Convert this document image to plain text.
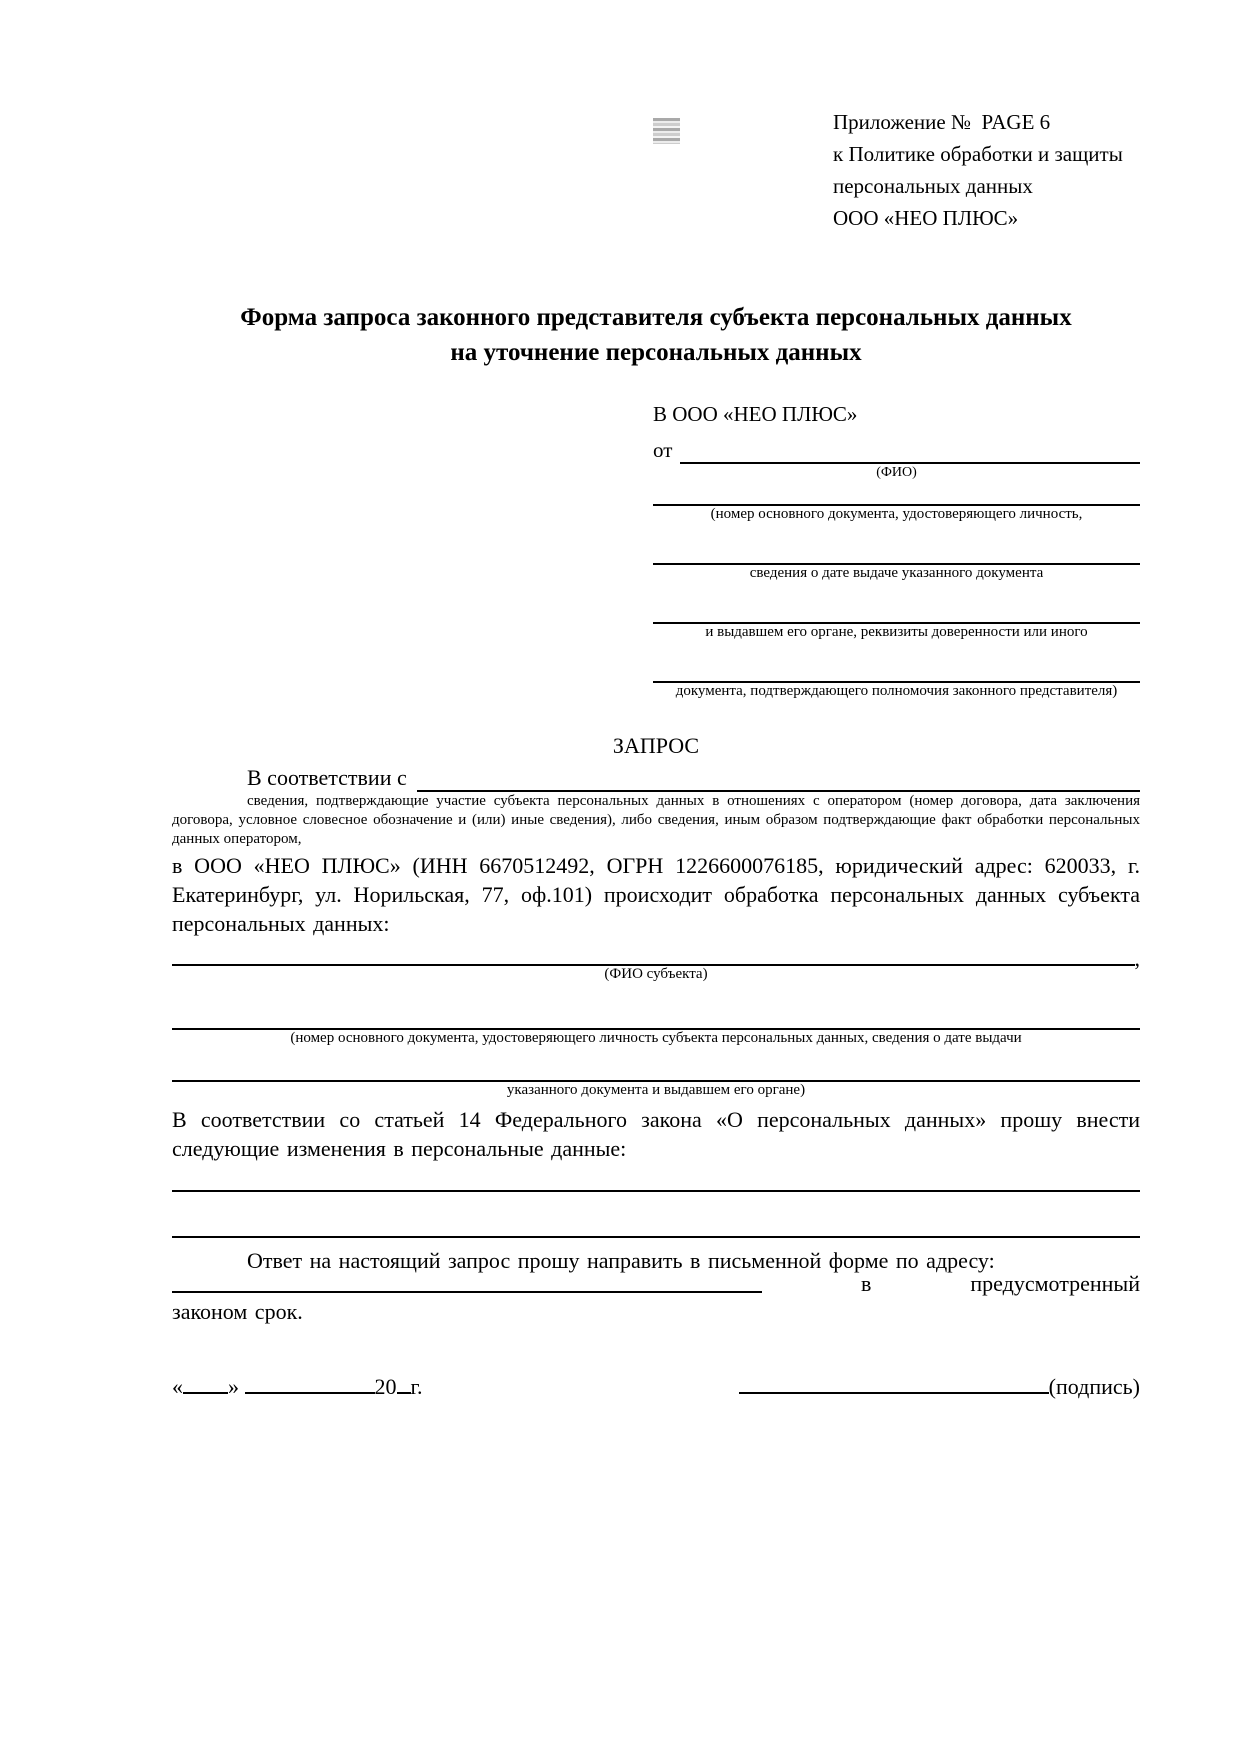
Приложение №  PAGE 6
к Политике обработки и защиты
персональных данных
ООО «НЕО ПЛЮС»
Форма запроса законного представителя субъекта персональных данных
на уточнение персональных данных
В ООО «НЕО ПЛЮС»
от
(ФИО)
(номер основного документа, удостоверяющего личность,
сведения о дате выдаче указанного документа
и выдавшем его органе, реквизиты доверенности или иного
документа, подтверждающего полномочия законного представителя)
ЗАПРОС
В соответствии с

сведения, подтверждающие участие субъекта персональных данных в отношениях с оператором (номер договора, дата заключения договора, условное словесное обозначение и (или) иные сведения), либо сведения, иным образом подтверждающие факт обработки персональных данных оператором,

в ООО «НЕО ПЛЮС» (ИНН 6670512492, ОГРН 1226600076185, юридический адрес: 620033, г. Екатеринбург, ул. Норильская, 77, оф.101) происходит обработка персональных данных субъекта персональных данных:

,
(ФИО субъекта)
(номер основного документа, удостоверяющего личность субъекта персональных данных, сведения о дате выдачи
указанного документа и выдавшем его органе)

В соответствии со статьей 14 Федерального закона «О персональных данных» прошу внести следующие изменения в персональные данные:

Ответ на настоящий запрос прошу направить в письменной форме по адресу:

в	предусмотренный

законом срок.

« »	20 г.	(подпись)
